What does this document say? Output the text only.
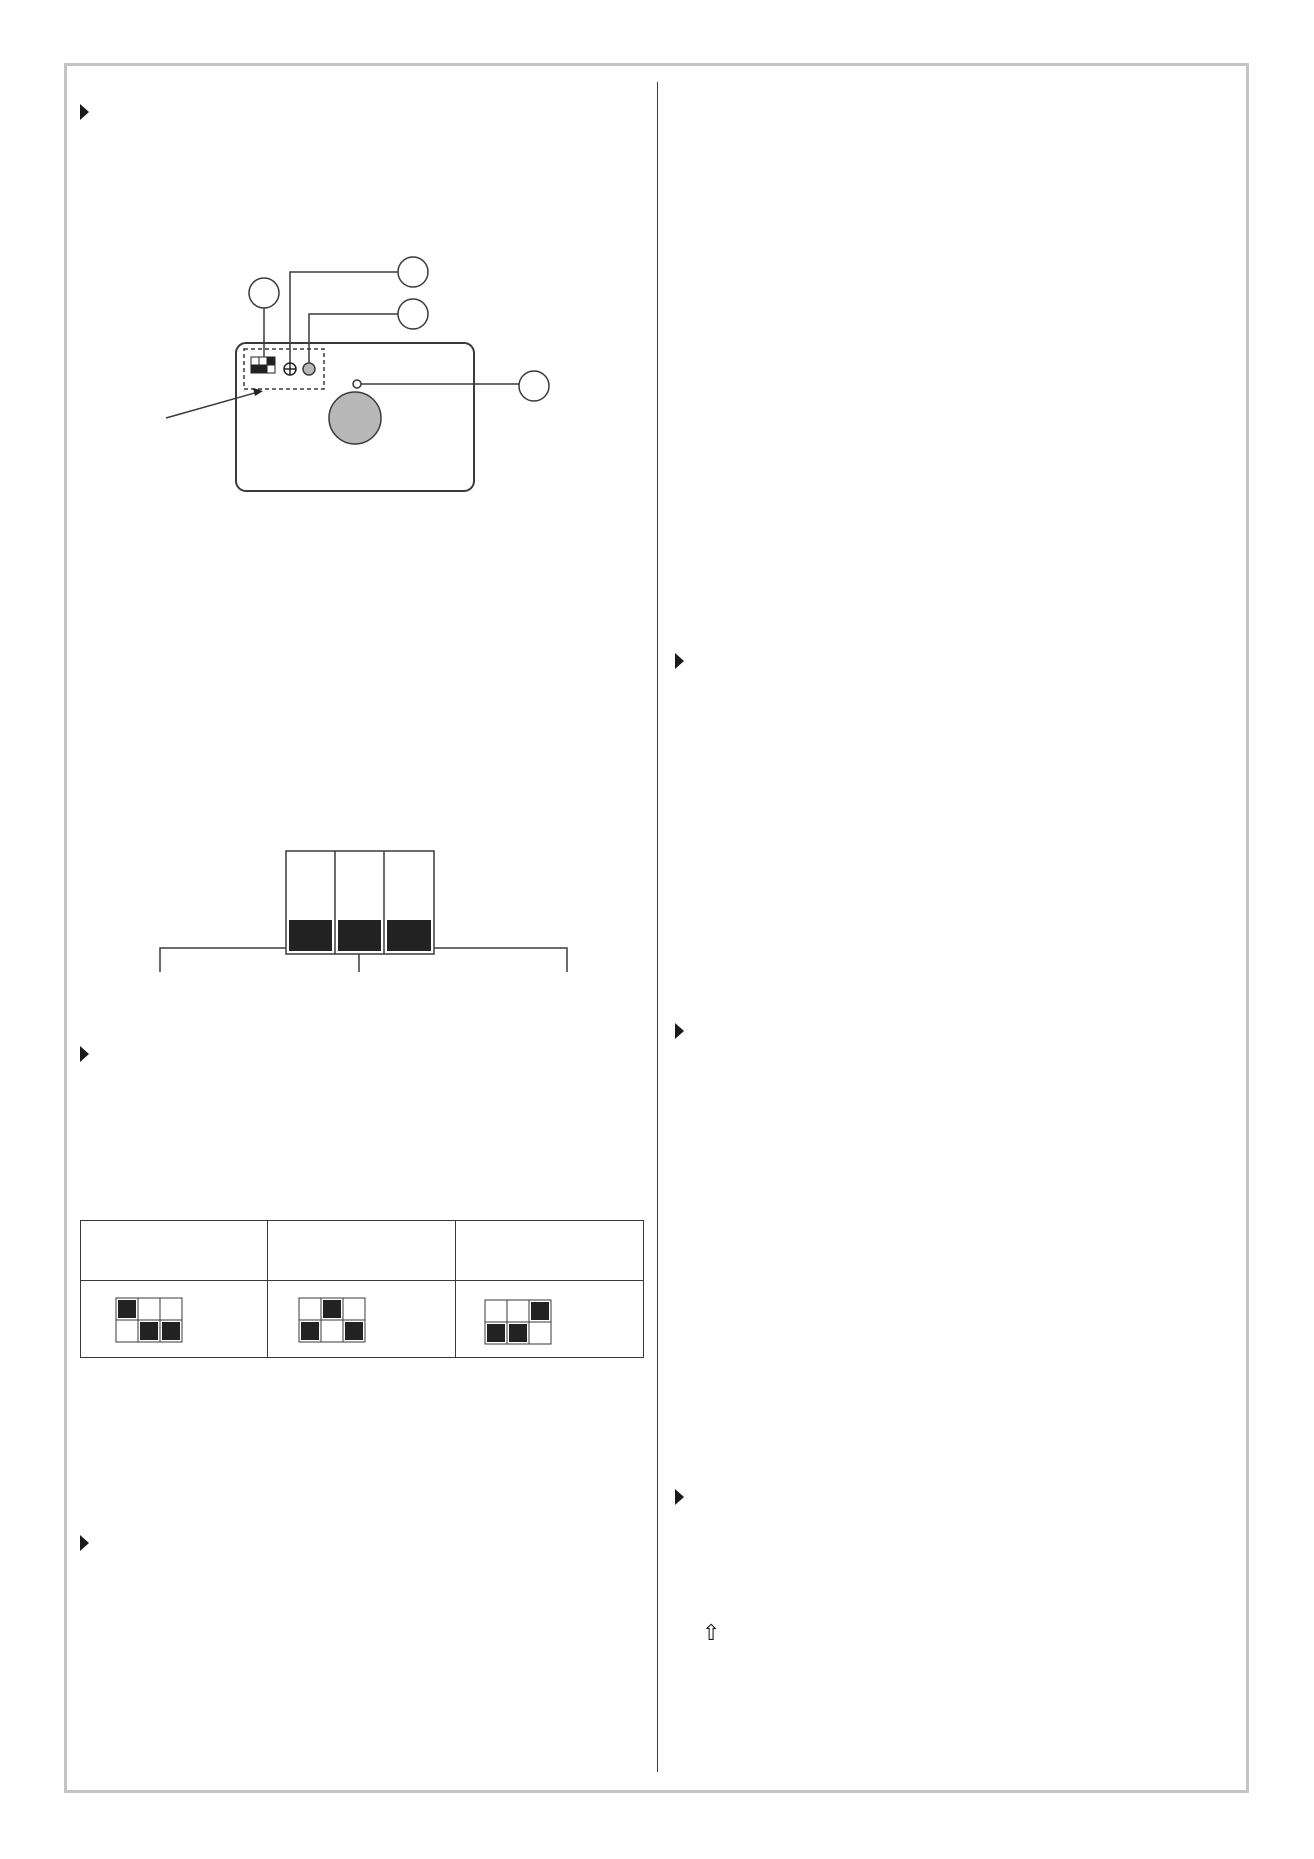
⇧
